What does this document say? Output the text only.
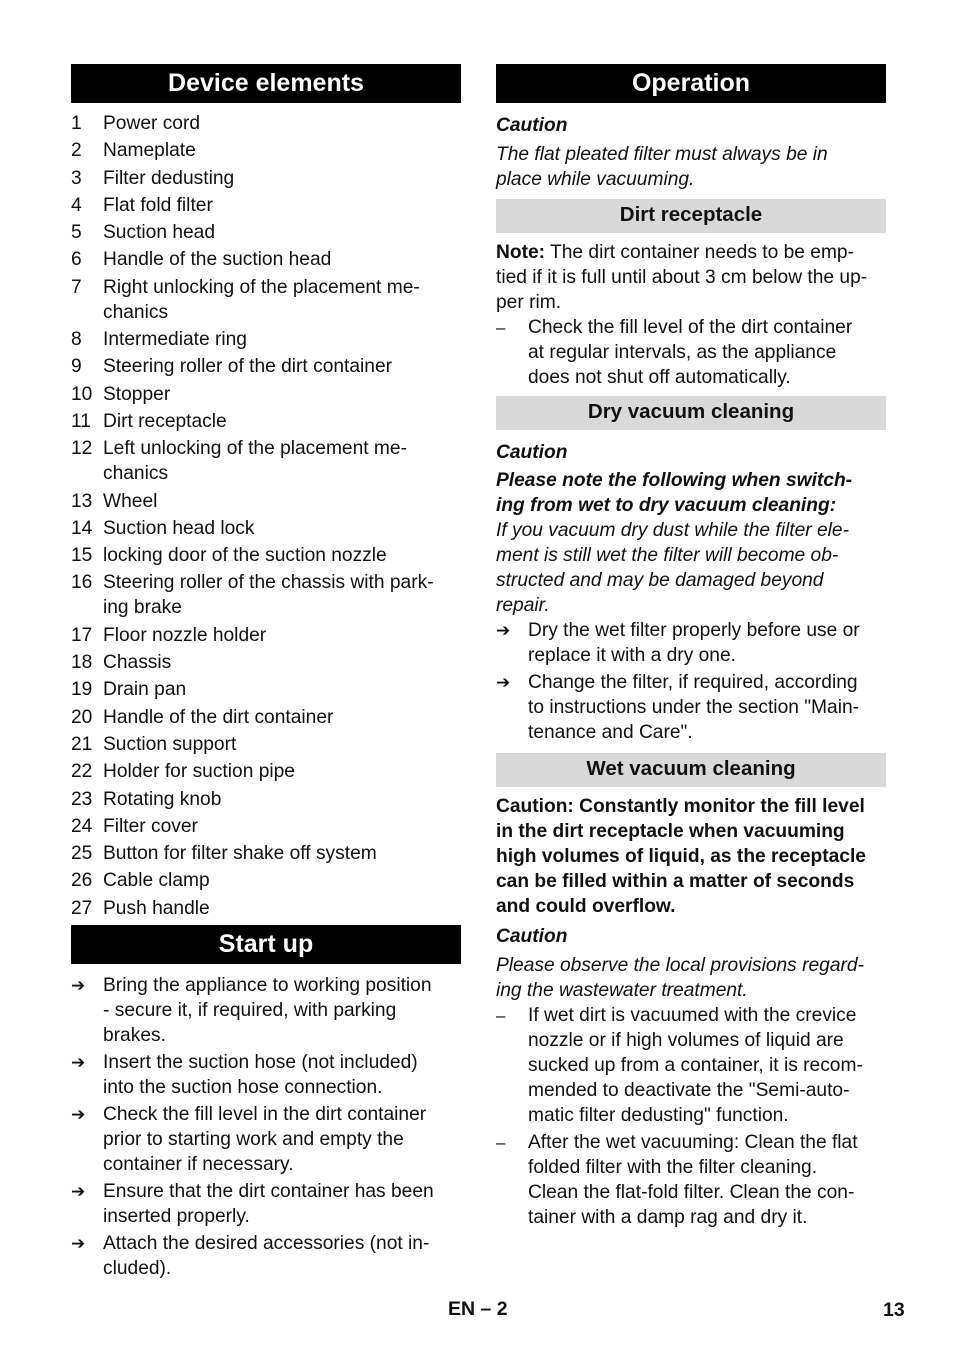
Device elements
1	Power cord
2	Nameplate
3	Filter dedusting
4	Flat fold filter
5	Suction head
6	Handle of the suction head
7	Right unlocking of the placement me-
chanics
8	Intermediate ring
9	Steering roller of the dirt container
10 Stopper
11 Dirt receptacle
12 Left unlocking of the placement me-
chanics
13 Wheel
14 Suction head lock
15 locking door of the suction nozzle
16 Steering roller of the chassis with park-
ing brake
17 Floor nozzle holder
18 Chassis
19 Drain pan
20 Handle of the dirt container
21 Suction support
22 Holder for suction pipe
23 Rotating knob
24 Filter cover
25 Button for filter shake off system
26 Cable clamp
27 Push handle
Start up
➔ Bring the appliance to working position
- secure it, if required, with parking
brakes.
➔ Insert the suction hose (not included)
into the suction hose connection.
➔ Check the fill level in the dirt container
prior to starting work and empty the
container if necessary.
➔ Ensure that the dirt container has been
inserted properly.
➔ Attach the desired accessories (not in-
cluded).
Operation

Caution

The flat pleated filter must always be in
place while vacuuming.

Dirt receptacle

Note: The dirt container needs to be emp-
tied if it is full until about 3 cm below the up-
per rim.

–	Check the fill level of the dirt container
at regular intervals, as the appliance
does not shut off automatically.
Dry vacuum cleaning

Caution

Please note the following when switch-
ing from wet to dry vacuum cleaning:

If you vacuum dry dust while the filter ele-
ment is still wet the filter will become ob-
structed and may be damaged beyond
repair.

➔ Dry the wet filter properly before use or
replace it with a dry one.
➔ Change the filter, if required, according
to instructions under the section "Main-
tenance and Care".
Wet vacuum cleaning

Caution: Constantly monitor the fill level
in the dirt receptacle when vacuuming
high volumes of liquid, as the receptacle
can be filled within a matter of seconds
and could overflow.

Caution

Please observe the local provisions regard-
ing the wastewater treatment.

–	If wet dirt is vacuumed with the crevice
nozzle or if high volumes of liquid are
sucked up from a container, it is recom-
mended to deactivate the "Semi-auto-
matic filter dedusting" function.
–	After the wet vacuuming: Clean the flat
folded filter with the filter cleaning.
Clean the flat-fold filter. Clean the con-
tainer with a damp rag and dry it.
EN – 2	13
